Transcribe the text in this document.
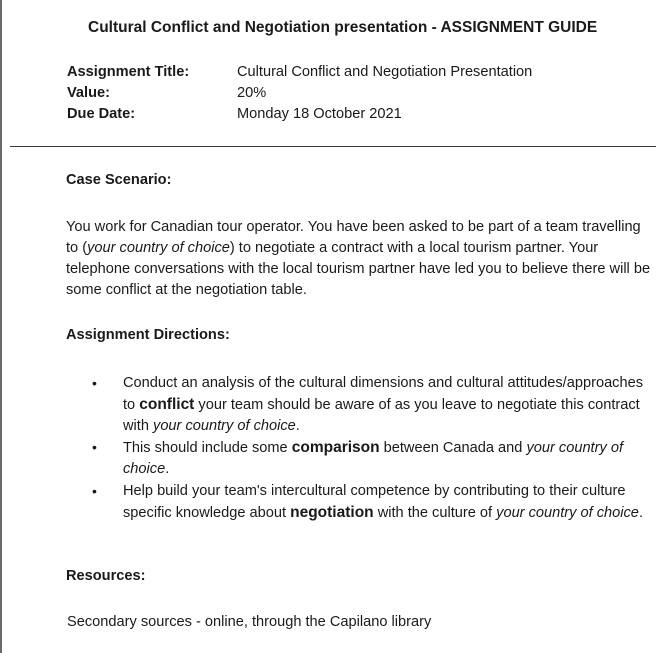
Cultural Conflict and Negotiation presentation - ASSIGNMENT GUIDE
Assignment Title:	Cultural Conflict and Negotiation Presentation
Value:	20%
Due Date:	Monday 18 October 2021
Case Scenario:
You work for Canadian tour operator. You have been asked to be part of a team travelling to (your country of choice) to negotiate a contract with a local tourism partner. Your telephone conversations with the local tourism partner have led you to believe there will be some conflict at the negotiation table.
Assignment Directions:
• Conduct an analysis of the cultural dimensions and cultural attitudes/approaches to conflict your team should be aware of as you leave to negotiate this contract with your country of choice.
• This should include some comparison between Canada and your country of choice.
• Help build your team's intercultural competence by contributing to their culture specific knowledge about negotiation with the culture of your country of choice.
Resources:
Secondary sources - online, through the Capilano library
